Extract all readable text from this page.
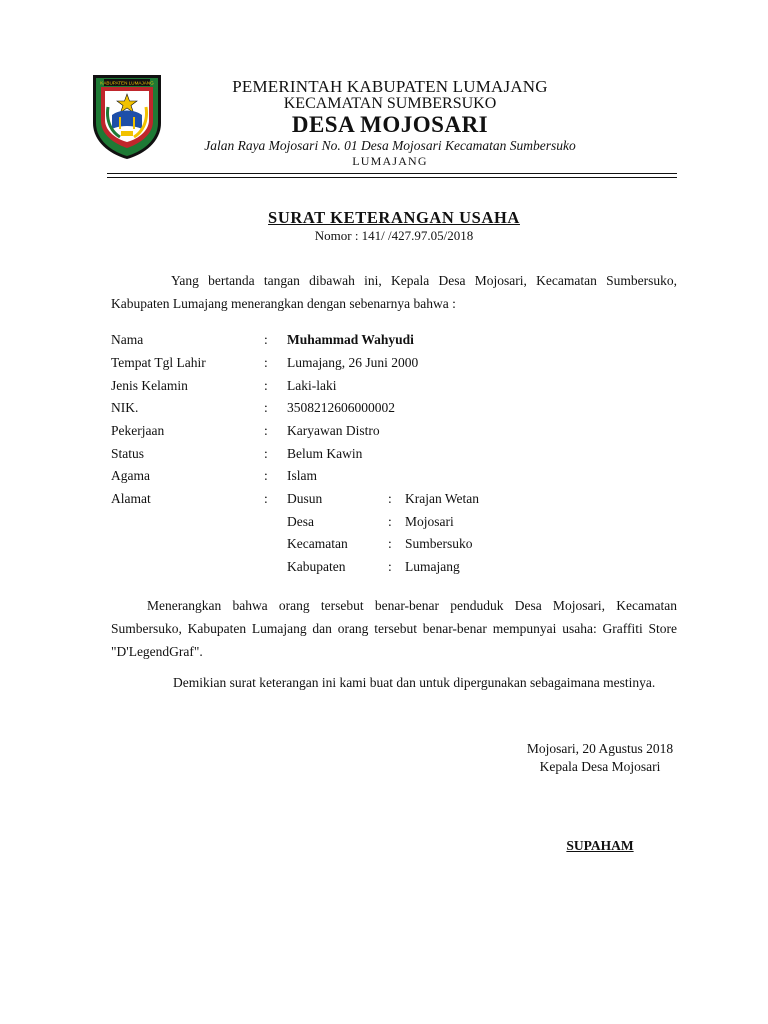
KABUPATEN LUMAJANG	PEMERINTAH KABUPATEN LUMAJANG
KECAMATAN SUMBERSUKO
DESA MOJOSARI
Jalan Raya Mojosari No. 01 Desa Mojosari Kecamatan Sumbersuko
LUMAJANG
SURAT KETERANGAN USAHA
Nomor : 141/ /427.97.05/2018
Yang bertanda tangan dibawah ini, Kepala Desa Mojosari, Kecamatan Sumbersuko, Kabupaten Lumajang menerangkan dengan sebenarnya bahwa :
Nama	: Muhammad Wahyudi
Tempat Tgl Lahir	: Lumajang, 26 Juni 2000
Jenis Kelamin	: Laki-laki
NIK.	: 3508212606000002
Pekerjaan	: Karyawan Distro
Status	: Belum Kawin
Agama	: Islam
Alamat	: Dusun	: Krajan Wetan
Desa	: Mojosari
Kecamatan	: Sumbersuko
Kabupaten	: Lumajang
Menerangkan bahwa orang tersebut benar-benar penduduk Desa Mojosari, Kecamatan Sumbersuko, Kabupaten Lumajang dan orang tersebut benar-benar mempunyai usaha: Graffiti Store "D'LegendGraf".
Demikian surat keterangan ini kami buat dan untuk dipergunakan sebagaimana mestinya.
Mojosari, 20 Agustus 2018
Kepala Desa Mojosari
SUPAHAM
